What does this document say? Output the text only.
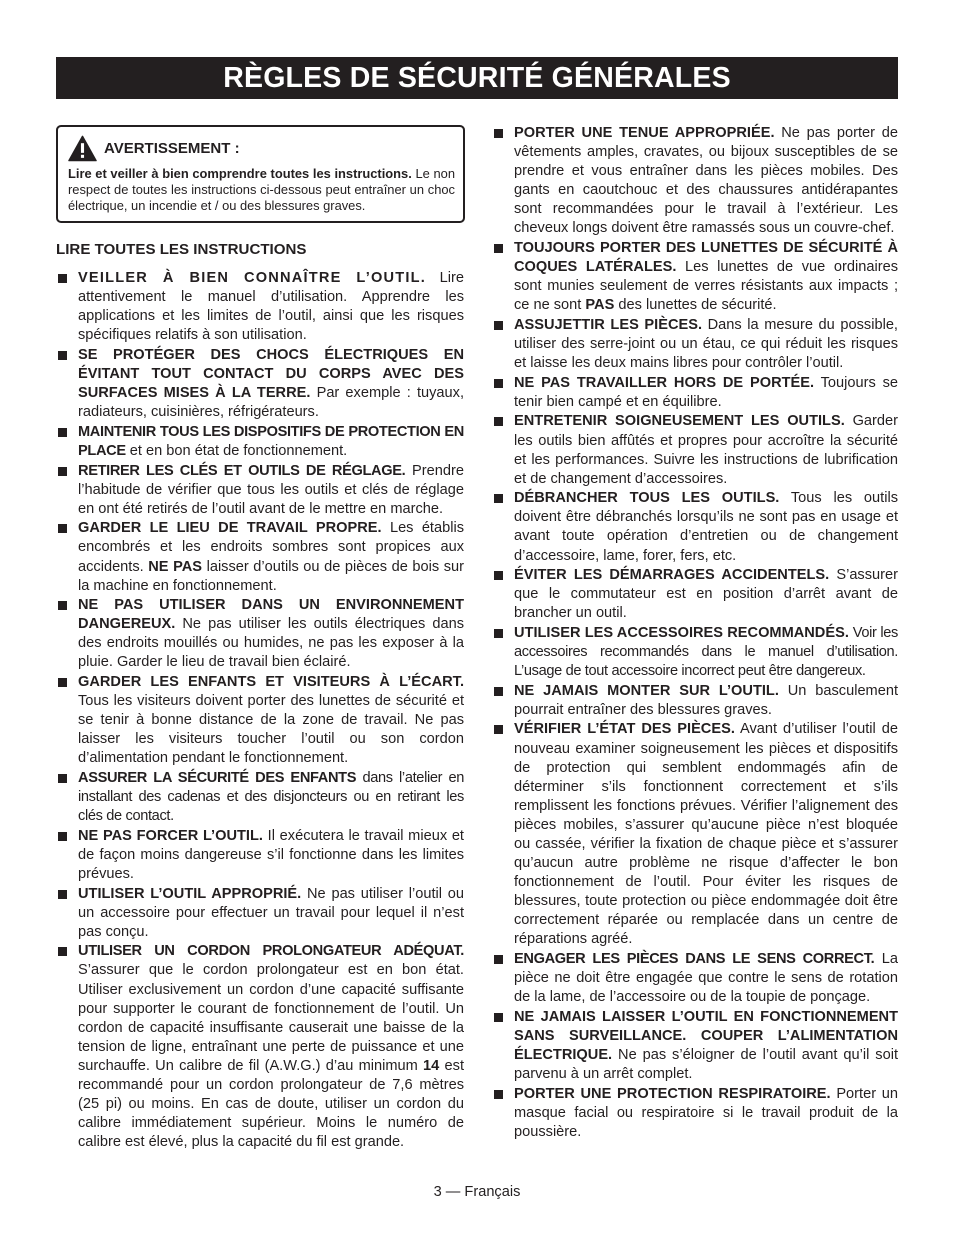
RÈGLES DE SÉCURITÉ GÉNÉRALES
AVERTISSEMENT :
Lire et veiller à bien comprendre toutes les instructions. Le non respect de toutes les instructions ci-dessous peut entraîner un choc électrique, un incendie et / ou des blessures graves.
LIRE TOUTES LES INSTRUCTIONS
VEILLER À BIEN CONNAÎTRE L’OUTIL. Lire attentivement le manuel d’utilisation. Apprendre les applications et les limites de l’outil, ainsi que les risques spécifiques relatifs à son utilisation.
SE PROTÉGER DES CHOCS ÉLECTRIQUES EN ÉVITANT TOUT CONTACT DU CORPS AVEC DES SURFACES MISES À LA TERRE. Par exemple : tuyaux, radiateurs, cuisinières, réfrigérateurs.
MAINTENIR TOUS LES DISPOSITIFS DE PROTECTION EN PLACE et en bon état de fonctionnement.
RETIRER LES CLÉS ET OUTILS DE RÉGLAGE. Prendre l’habitude de vérifier que tous les outils et clés de réglage en ont été retirés de l’outil avant de le mettre en marche.
GARDER LE LIEU DE TRAVAIL PROPRE. Les établis encombrés et les endroits sombres sont propices aux accidents. NE PAS laisser d’outils ou de pièces de bois sur la machine en fonctionnement.
NE PAS UTILISER DANS UN ENVIRONNEMENT DANGEREUX. Ne pas utiliser les outils électriques dans des endroits mouillés ou humides, ne pas les exposer à la pluie. Garder le lieu de travail bien éclairé.
GARDER LES ENFANTS ET VISITEURS À L’ÉCART. Tous les visiteurs doivent porter des lunettes de sécurité et se tenir à bonne distance de la zone de travail. Ne pas laisser les visiteurs toucher l’outil ou son cordon d’alimentation pendant le fonctionnement.
ASSURER LA SÉCURITÉ DES ENFANTS dans l’atelier en installant des cadenas et des disjoncteurs ou en retirant les clés de contact.
NE PAS FORCER L’OUTIL. Il exécutera le travail mieux et de façon moins dangereuse s’il fonctionne dans les limites prévues.
UTILISER L’OUTIL APPROPRIÉ. Ne pas utiliser l’outil ou un accessoire pour effectuer un travail pour lequel il n’est pas conçu.
UTILISER UN CORDON PROLONGATEUR ADÉQUAT. S’assurer que le cordon prolongateur est en bon état. Utiliser exclusivement un cordon d’une capacité suffisante pour supporter le courant de fonctionnement de l’outil. Un cordon de capacité insuffisante causerait une baisse de la tension de ligne, entraînant une perte de puissance et une surchauffe. Un calibre de fil (A.W.G.) d’au minimum 14 est recommandé pour un cordon prolongateur de 7,6 mètres (25 pi) ou moins. En cas de doute, utiliser un cordon du calibre immédiatement supérieur. Moins le numéro de calibre est élevé, plus la capacité du fil est grande.
PORTER UNE TENUE APPROPRIÉE. Ne pas porter de vêtements amples, cravates, ou bijoux susceptibles de se prendre et vous entraîner dans les pièces mobiles. Des gants en caoutchouc et des chaussures antidérapantes sont recommandées pour le travail à l’extérieur. Les cheveux longs doivent être ramassés sous un couvre-chef.
TOUJOURS PORTER DES LUNETTES DE SÉCURITÉ À COQUES LATÉRALES. Les lunettes de vue ordinaires sont munies seulement de verres résistants aux impacts ; ce ne sont PAS des lunettes de sécurité.
ASSUJETTIR LES PIÈCES. Dans la mesure du possible, utiliser des serre-joint ou un étau, ce qui réduit les risques et laisse les deux mains libres pour contrôler l’outil.
NE PAS TRAVAILLER HORS DE PORTÉE. Toujours se tenir bien campé et en équilibre.
ENTRETENIR SOIGNEUSEMENT LES OUTILS. Garder les outils bien affûtés et propres pour accroître la sécurité et les performances. Suivre les instructions de lubrification et de changement d’accessoires.
DÉBRANCHER TOUS LES OUTILS. Tous les outils doivent être débranchés lorsqu’ils ne sont pas en usage et avant toute opération d’entretien ou de changement d’accessoire, lame, forer, fers, etc.
ÉVITER LES DÉMARRAGES ACCIDENTELS. S’assurer que le commutateur est en position d’arrêt avant de brancher un outil.
UTILISER LES ACCESSOIRES RECOMMANDÉS. Voir les accessoires recommandés dans le manuel d’utilisation. L’usage de tout accessoire incorrect peut être dangereux.
NE JAMAIS MONTER SUR L’OUTIL. Un basculement pourrait entraîner des blessures graves.
VÉRIFIER L’ÉTAT DES PIÈCES. Avant d’utiliser l’outil de nouveau examiner soigneusement les pièces et dispositifs de protection qui semblent endommagés afin de déterminer s’ils fonctionnent correctement et s’ils remplissent les fonctions prévues. Vérifier l’alignement des pièces mobiles, s’assurer qu’aucune pièce n’est bloquée ou cassée, vérifier la fixation de chaque pièce et s’assurer qu’aucun autre problème ne risque d’affecter le bon fonctionnement de l’outil. Pour éviter les risques de blessures, toute protection ou pièce endommagée doit être correctement réparée ou remplacée dans un centre de réparations agréé.
ENGAGER LES PIÈCES DANS LE SENS CORRECT. La pièce ne doit être engagée que contre le sens de rotation de la lame, de l’accessoire ou de la toupie de ponçage.
NE JAMAIS LAISSER L’OUTIL EN FONCTIONNEMENT SANS SURVEILLANCE. COUPER L’ALIMENTATION ÉLECTRIQUE. Ne pas s’éloigner de l’outil avant qu’il soit parvenu à un arrêt complet.
PORTER UNE PROTECTION RESPIRATOIRE. Porter un masque facial ou respiratoire si le travail produit de la poussière.
3 — Français
